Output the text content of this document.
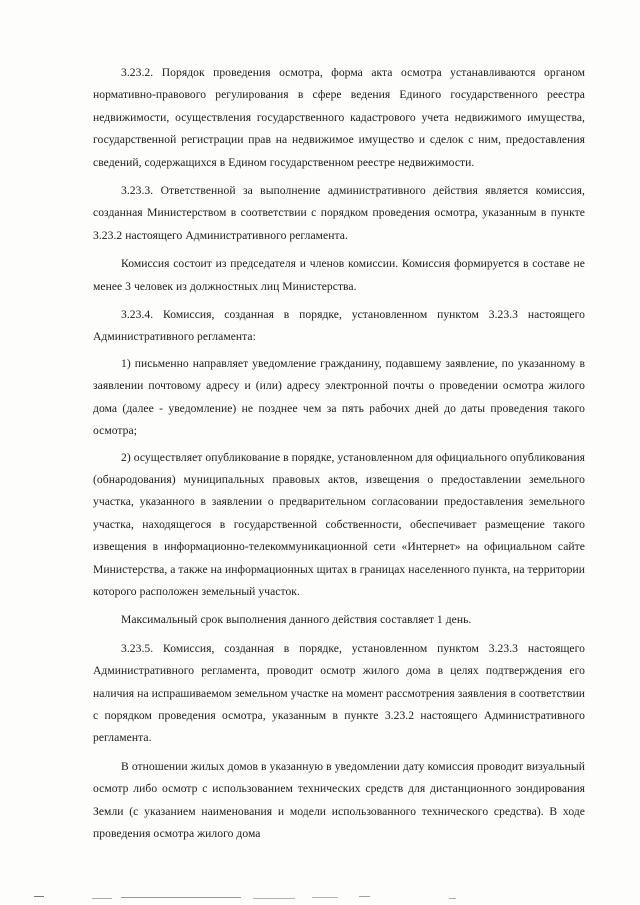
3.23.2. Порядок проведения осмотра, форма акта осмотра устанавливаются органом нормативно-правового регулирования в сфере ведения Единого государственного реестра недвижимости, осуществления государственного кадастрового учета недвижимого имущества, государственной регистрации прав на недвижимое имущество и сделок с ним, предоставления сведений, содержащихся в Едином государственном реестре недвижимости.

3.23.3. Ответственной за выполнение административного действия является комиссия, созданная Министерством в соответствии с порядком проведения осмотра, указанным в пункте 3.23.2 настоящего Административного регламента.

Комиссия состоит из председателя и членов комиссии. Комиссия формируется в составе не менее 3 человек из должностных лиц Министерства.

3.23.4. Комиссия, созданная в порядке, установленном пунктом 3.23.3 настоящего Административного регламента:

1) письменно направляет уведомление гражданину, подавшему заявление, по указанному в заявлении почтовому адресу и (или) адресу электронной почты о проведении осмотра жилого дома (далее - уведомление) не позднее чем за пять рабочих дней до даты проведения такого осмотра;

2) осуществляет опубликование в порядке, установленном для официального опубликования (обнародования) муниципальных правовых актов, извещения о предоставлении земельного участка, указанного в заявлении о предварительном согласовании предоставления земельного участка, находящегося в государственной собственности, обеспечивает размещение такого извещения в информационно-телекоммуникационной сети «Интернет» на официальном сайте Министерства, а также на информационных щитах в границах населенного пункта, на территории которого расположен земельный участок.

Максимальный срок выполнения данного действия составляет 1 день.

3.23.5. Комиссия, созданная в порядке, установленном пунктом 3.23.3 настоящего Административного регламента, проводит осмотр жилого дома в целях подтверждения его наличия на испрашиваемом земельном участке на момент рассмотрения заявления в соответствии с порядком проведения осмотра, указанным в пункте 3.23.2 настоящего Административного регламента.

В отношении жилых домов в указанную в уведомлении дату комиссия проводит визуальный осмотр либо осмотр с использованием технических средств для дистанционного зондирования Земли (с указанием наименования и модели использованного технического средства). В ходе проведения осмотра жилого дома
